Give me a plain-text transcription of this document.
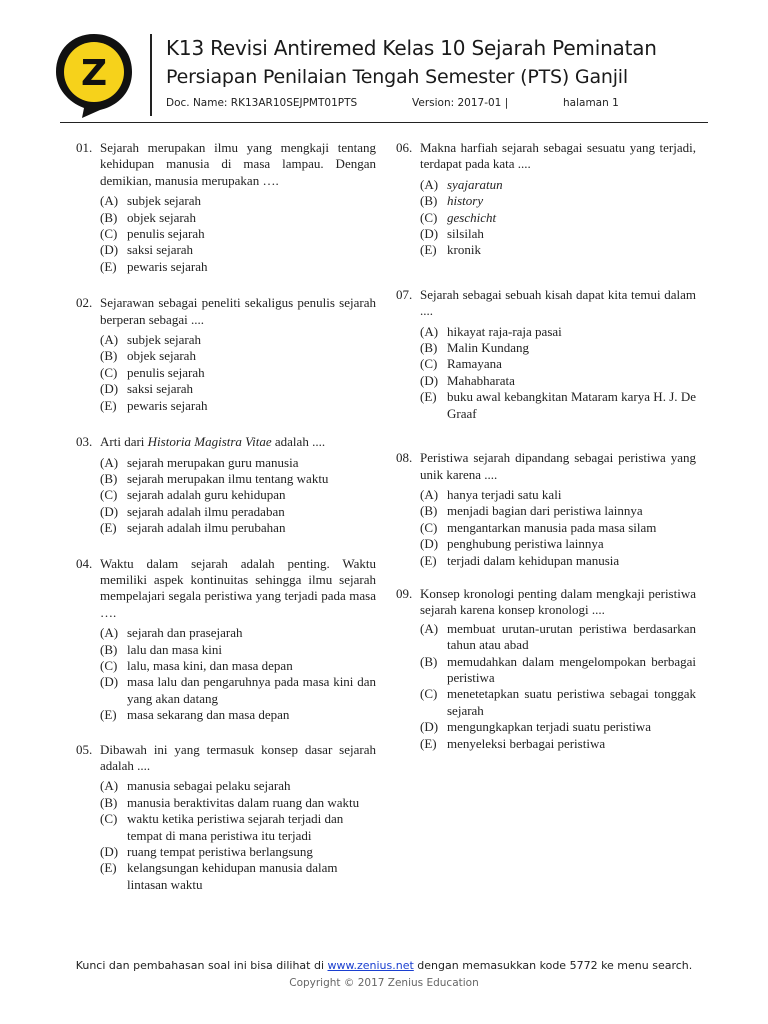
Z
K13 Revisi Antiremed Kelas 10 Sejarah Peminatan
Persiapan Penilaian Tengah Semester (PTS) Ganjil
Doc. Name: RK13AR10SEJPMT01PTS	Version: 2017-01 |	halaman 1
01. Sejarah merupakan ilmu yang mengkaji tentang kehidupan manusia di masa lampau. Dengan demikian, manusia merupakan ….
(A) subjek sejarah
(B) objek sejarah
(C) penulis sejarah
(D) saksi sejarah
(E) pewaris sejarah
02. Sejarawan sebagai peneliti sekaligus penulis sejarah berperan sebagai ....
(A) subjek sejarah
(B) objek sejarah
(C) penulis sejarah
(D) saksi sejarah
(E) pewaris sejarah
03. Arti dari Historia Magistra Vitae adalah ....
(A) sejarah merupakan guru manusia
(B) sejarah merupakan ilmu tentang waktu
(C) sejarah adalah guru kehidupan
(D) sejarah adalah ilmu peradaban
(E) sejarah adalah ilmu perubahan
04. Waktu dalam sejarah adalah penting. Waktu memiliki aspek kontinuitas sehingga ilmu sejarah mempelajari segala peristiwa yang terjadi pada masa ….
(A) sejarah dan prasejarah
(B) lalu dan masa kini
(C) lalu, masa kini, dan masa depan
(D) masa lalu dan pengaruhnya pada masa kini dan yang akan datang
(E) masa sekarang dan masa depan
05. Dibawah ini yang termasuk konsep dasar sejarah adalah ....
(A) manusia sebagai pelaku sejarah
(B) manusia beraktivitas dalam ruang dan waktu
(C) waktu ketika peristiwa sejarah terjadi dan tempat di mana peristiwa itu terjadi
(D) ruang tempat peristiwa berlangsung
(E) kelangsungan kehidupan manusia dalam lintasan waktu
06. Makna harfiah sejarah sebagai sesuatu yang terjadi, terdapat pada kata ....
(A) syajaratun
(B) history
(C) geschicht
(D) silsilah
(E) kronik
07. Sejarah sebagai sebuah kisah dapat kita temui dalam ....
(A) hikayat raja-raja pasai
(B) Malin Kundang
(C) Ramayana
(D) Mahabharata
(E) buku awal kebangkitan Mataram karya H. J. De Graaf
08. Peristiwa sejarah dipandang sebagai peristiwa yang unik karena ....
(A) hanya terjadi satu kali
(B) menjadi bagian dari peristiwa lainnya
(C) mengantarkan manusia pada masa silam
(D) penghubung peristiwa lainnya
(E) terjadi dalam kehidupan manusia
09. Konsep kronologi penting dalam mengkaji peristiwa sejarah karena konsep kronologi ....
(A) membuat urutan-urutan peristiwa berdasarkan tahun atau abad
(B) memudahkan dalam mengelompokan berbagai peristiwa
(C) menetetapkan suatu peristiwa sebagai tonggak sejarah
(D) mengungkapkan terjadi suatu peristiwa
(E) menyeleksi berbagai peristiwa
Kunci dan pembahasan soal ini bisa dilihat di www.zenius.net dengan memasukkan kode 5772 ke menu search.
Copyright © 2017 Zenius Education
